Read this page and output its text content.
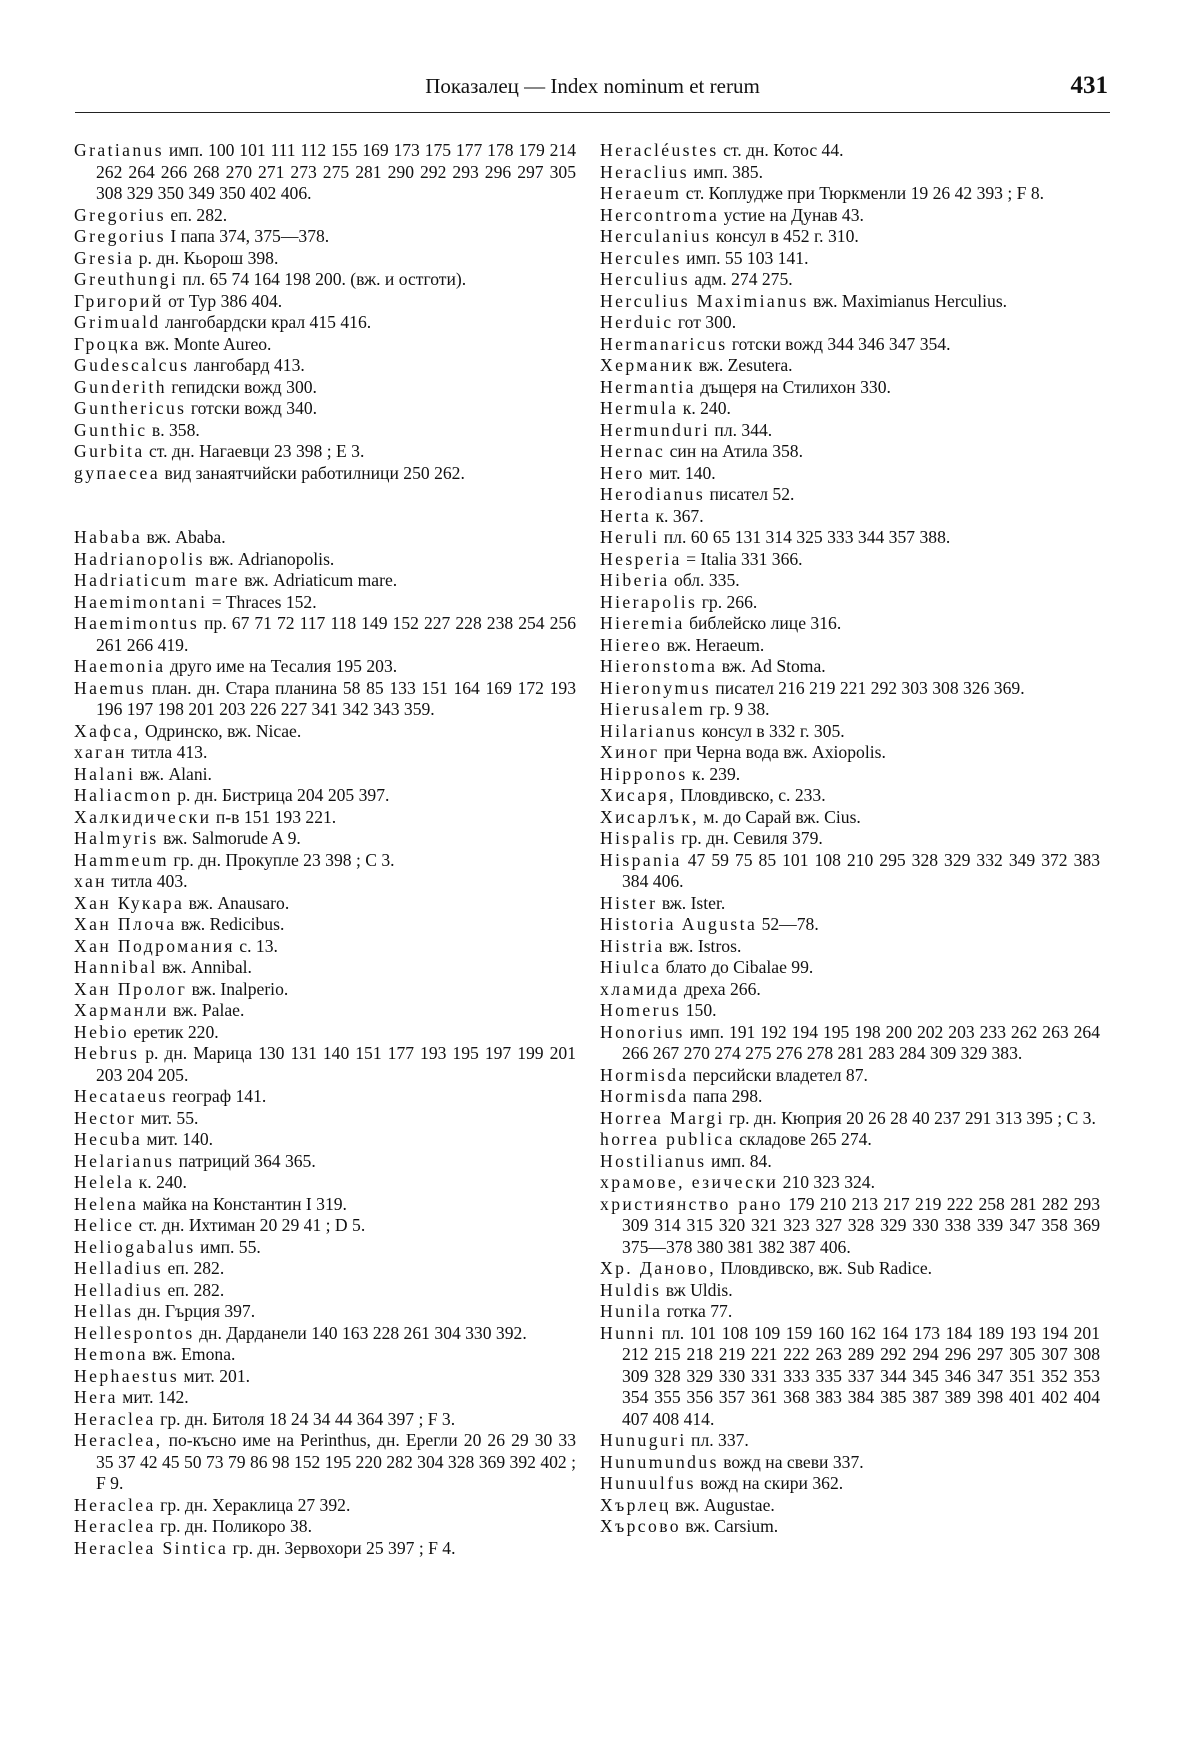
Показалец — Index nominum et rerum	431

Gratianus имп. 100 101 111 112 155 169 173 175 177 178 179 214 262 264 266 268 270 271 273 275 281 290 292 293 296 297 305 308 329 350 349 350 402 406.

Gregorius еп. 282.

Gregorius I папа 374, 375—378.

Gresia р. дн. Кьорош 398.

Greuthungi пл. 65 74 164 198 200. (вж. и остготи).

Григорий от Тур 386 404.

Grimuald лангобардски крал 415 416.

Гроцка вж. Monte Aureo.

Gudescalcus лангобард 413.

Gunderith гепидски вожд 300.

Gunthericus готски вожд 340.

Gunthic в. 358.

Gurbita ст. дн. Нагаевци 23 398 ; E 3.

gупаесеа вид занаятчийски работилници 250 262.

Hababa вж. Ababa.

Hadrianopolis вж. Adrianopolis.

Hadriaticum mare вж. Adriaticum mare.

Haemimontani = Thraces 152.

Haemimontus пр. 67 71 72 117 118 149 152 227 228 238 254 256 261 266 419.

Haemonia друго име на Тесалия 195 203.

Haemus план. дн. Стара планина 58 85 133 151 164 169 172 193 196 197 198 201 203 226 227 341 342 343 359.

Хафса, Одринско, вж. Nicae.

хаган титла 413.

Halani вж. Alani.

Haliacmon р. дн. Бистрица 204 205 397.

Халкидически п-в 151 193 221.

Halmyris вж. Salmorude A 9.

Hammeum гр. дн. Прокупле 23 398 ; C 3.

хан титла 403.

Хан Кукара вж. Anausaro.

Хан Плоча вж. Redicibus.

Хан Подромания с. 13.

Hannibal вж. Annibal.

Хан Пролог вж. Inalperio.

Харманли вж. Palae.

Hebio еретик 220.

Hebrus р. дн. Марица 130 131 140 151 177 193 195 197 199 201 203 204 205.

Hecataeus географ 141.

Hector мит. 55.

Hecuba мит. 140.

Helarianus патриций 364 365.

Helela к. 240.

Helena майка на Константин I 319.

Helice ст. дн. Ихтиман 20 29 41 ; D 5.

Heliogabalus имп. 55.

Helladius еп. 282.

Helladius еп. 282.

Hellas дн. Гърция 397.

Hellespontos дн. Дарданели 140 163 228 261 304 330 392.

Hemona вж. Emona.

Hephaestus мит. 201.

Hera мит. 142.

Heraclea гр. дн. Битоля 18 24 34 44 364 397 ; F 3.

Heraclea, по-късно име на Perinthus, дн. Ерегли 20 26 29 30 33 35 37 42 45 50 73 79 86 98 152 195 220 282 304 328 369 392 402 ; F 9.

Heraclea гр. дн. Хераклица 27 392.

Heraclea гр. дн. Поликоро 38.

Heraclea Sintica гр. дн. Зервохори 25 397 ; F 4.

Heracléustes ст. дн. Котос 44.

Heraclius имп. 385.

Heraeum ст. Коплудже при Тюркменли 19 26 42 393 ; F 8.

Hercontroma устие на Дунав 43.

Herculanius консул в 452 г. 310.

Hercules имп. 55 103 141.

Herculius адм. 274 275.

Herculius Maximianus вж. Maximianus Herculius.

Herduic гот 300.

Hermanaricus готски вожд 344 346 347 354.

Херманик вж. Zesutera.

Hermantia дъщеря на Стилихон 330.

Hermula к. 240.

Hermunduri пл. 344.

Hernac син на Атила 358.

Hero мит. 140.

Herodianus писател 52.

Herta к. 367.

Heruli пл. 60 65 131 314 325 333 344 357 388.

Hesperia = Italia 331 366.

Hiberia обл. 335.

Hierapolis гр. 266.

Hieremia библейско лице 316.

Hiereo вж. Heraeum.

Hieronstoma вж. Ad Stoma.

Hieronymus писател 216 219 221 292 303 308 326 369.

Hierusalem гр. 9 38.

Hilarianus консул в 332 г. 305.

Хиног при Черна вода вж. Axiopolis.

Hipponos к. 239.

Хисаря, Пловдивско, с. 233.

Хисарлък, м. до Сарай вж. Cius.

Hispalis гр. дн. Севиля 379.

Hispania 47 59 75 85 101 108 210 295 328 329 332 349 372 383 384 406.

Hister вж. Ister.

Historia Augusta 52—78.

Histria вж. Istros.

Hiulca блато до Cibalae 99.

хламида дреха 266.

Homerus 150.

Honorius имп. 191 192 194 195 198 200 202 203 233 262 263 264 266 267 270 274 275 276 278 281 283 284 309 329 383.

Hormisda персийски владетел 87.

Hormisda папа 298.

Horrea Margi гр. дн. Кюприя 20 26 28 40 237 291 313 395 ; C 3.

horrea publica складове 265 274.

Hostilianus имп. 84.

храмове, езически 210 323 324.

християнство рано 179 210 213 217 219 222 258 281 282 293 309 314 315 320 321 323 327 328 329 330 338 339 347 358 369 375—378 380 381 382 387 406.

Хр. Даново, Пловдивско, вж. Sub Radice.

Huldis вж Uldis.

Hunila готка 77.

Hunni пл. 101 108 109 159 160 162 164 173 184 189 193 194 201 212 215 218 219 221 222 263 289 292 294 296 297 305 307 308 309 328 329 330 331 333 335 337 344 345 346 347 351 352 353 354 355 356 357 361 368 383 384 385 387 389 398 401 402 404 407 408 414.

Hunuguri пл. 337.

Hunumundus вожд на свеви 337.

Hunuulfus вожд на скири 362.

Хърлец вж. Augustae.

Хърсово вж. Carsium.
